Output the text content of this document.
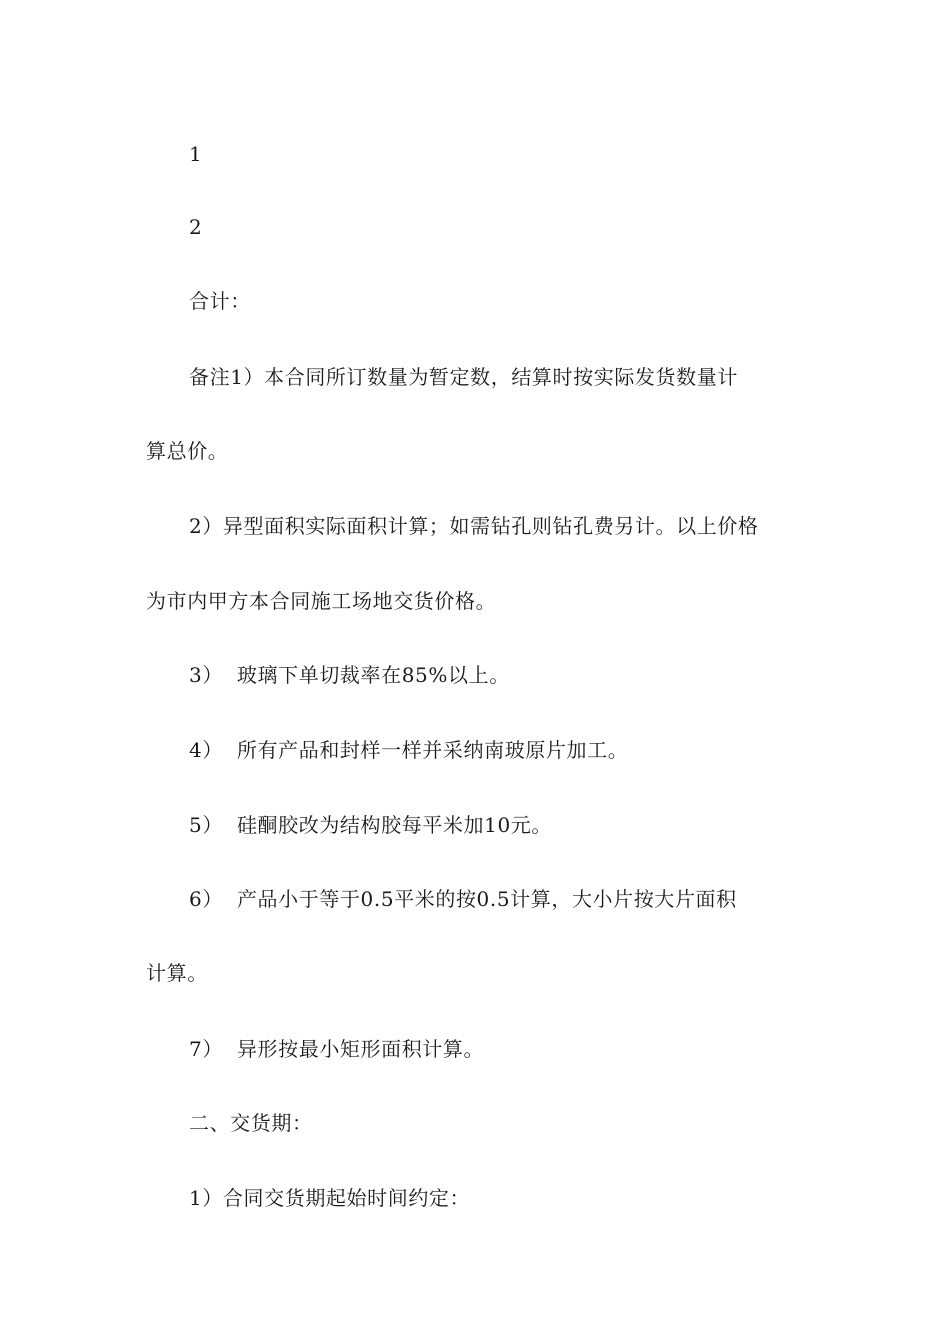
1
2
合计：
备注1）本合同所订数量为暂定数，结算时按实际发货数量计
算总价。
2）异型面积实际面积计算；如需钻孔则钻孔费另计。以上价格
为市内甲方本合同施工场地交货价格。
3） 玻璃下单切裁率在85%以上。
4） 所有产品和封样一样并采纳南玻原片加工。
5） 硅酮胶改为结构胶每平米加10元。
6） 产品小于等于0.5平米的按0.5计算，大小片按大片面积
计算。
7） 异形按最小矩形面积计算。
二、交货期：
1）合同交货期起始时间约定：
